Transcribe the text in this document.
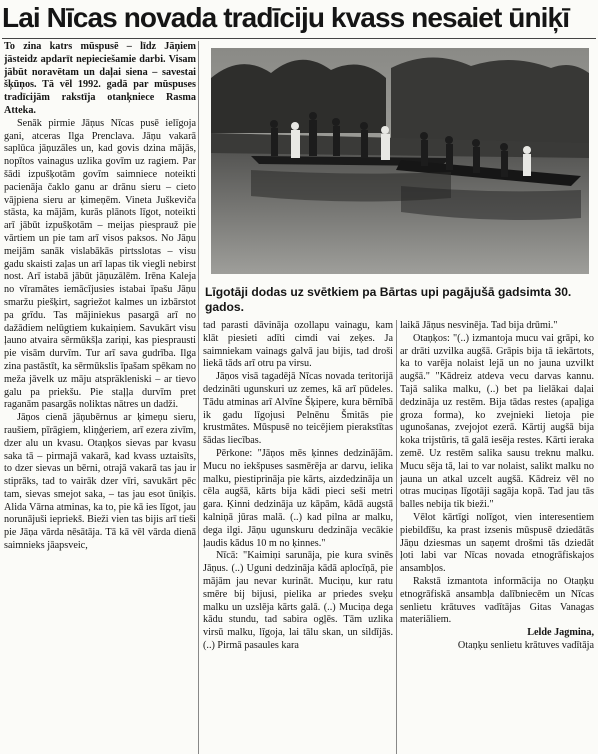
Lai Nīcas novada tradīciju kvass nesaiet ūniķī

To zina katrs mūspusē – līdz Jāņiem jāsteidz apdarīt nepieciešamie darbi. Visam jābūt noravētam un daļai siena – savestai šķūņos. Tā vēl 1992. gadā par mūspuses tradīcijām rakstīja otanķniece Rasma Atteka.

Senāk pirmie Jāņus Nīcas pusē ielīgoja gani, atceras Ilga Prenclava. Jāņu vakarā saplūca jāņuzāles un, kad govis dzina mājās, nopītos vainagus uzlika govīm uz ragiem. Par šādi izpušķotām govīm saimniece noteikti pacienāja čaklo ganu ar drānu sieru – cieto vājpiena sieru ar ķimeņēm. Vineta Juškeviča stāsta, ka mājām, kurās plānots līgot, noteikti arī jābūt izpušķotām – meijas piesprauž pie vārtiem un pie tam arī visos paksos. No Jāņu meijām sanāk vislabākās pirtsslotas – visu gadu skaisti zaļas un arī lapas tik viegli nebirst nost. Arī istabā jābūt jāņuzālēm. Irēna Kaleja no vīramātes iemācījusies istabai īpašu Jāņu smaržu piešķirt, sagriežot kalmes un izbārstot pa grīdu. Tas mājiniekus pasargā arī no dažādiem nelūgtiem kukaiņiem. Savukārt visu ļauno atvaira sērmūkšļa zariņi, kas piesprausti pie visām durvīm. Tur arī sava gudrība. Ilga zina pastāstīt, ka sērmūkslis īpašam spēkam no meža jāvelk uz māju atspräkleniski – ar tievo galu pa priekšu. Pie staļļa durvīm pret raganām pasargās noliktas nātres un dadži.

Jāņos cienā jāņubērnus ar ķimeņu sieru, raušiem, pīrāgiem, kliņģeriem, arī ezera zivīm, dzer alu un kvasu. Otaņķos sievas par kvasu saka tā – pirmajā vakarā, kad kvass uztaisīts, to dzer sievas un bērni, otrajā vakarā tas jau ir stiprāks, tad to vairāk dzer vīri, savukārt pēc tam, sievas smejot saka, – tas jau esot ūniķis. Alida Vārna atminas, ka to, pie kā ies līgot, jau norunājuši iepriekš. Bieži vien tas bijis arī tieši pie Jāņa vārda nēsātāja. Tā kā vēl vārda dienā saimnieks jāapsveic,

Līgotāji dodas uz svētkiem pa Bārtas upi pagājušā gadsimta 30. gados.

tad parasti dāvināja ozollapu vainagu, kam klāt piesieti adīti cimdi vai zeķes. Ja saimniekam vainags galvā jau bijis, tad droši liekā tāds arī otru pa virsu.

Jāņos visā tagadējā Nīcas novada teritorijā dedzināti ugunskuri uz zemes, kā arī pūdeles. Tādu atminas arī Alvīne Šķipere, kura bērnībā ik gadu līgojusi Pelnēnu Šmitās pie krustmātes. Mūspusē no teicējiem pierakstītas šādas liecības.

Pērkone: "Jāņos mēs ķinnes dedzinājām. Mucu no iekšpuses sasmērēja ar darvu, ielika malku, piestiprināja pie kārts, aizdedzināja un cēla augšā, kārts bija kādi pieci seši metri gara. Ķinni dedzināja uz kāpām, kādā augstā kalniņā jūras malā. (..) kad pilna ar malku, dega ilgi. Jāņu ugunskuru dedzināja vecākie ļaudis kādus 10 m no ķinnes."

Nīcā: "Kaimiņi sarunāja, pie kura svinēs Jāņus. (..) Uguni dedzināja kādā aplocīņā, pie mājām jau nevar kurināt. Muciņu, kur ratu smēre bij bijusi, pielika ar priedes sveķu malku un uzslēja kārts galā. (..) Muciņa dega kādu stundu, tad sabira ogļēs. Tām uzlika virsū malku, līgoja, lai tālu skan, un sildījās. (..) Pirmā pasaules kara

laikā Jāņus nesvinēja. Tad bija drūmi."

Otaņķos: "(..) izmantoja mucu vai grāpi, ko ar drāti uzvilka augšā. Grāpis bija tā iekārtots, ka to varēja nolaist lejā un no jauna uzvilkt augšā." "Kādreiz atdeva vecu darvas kannu. Tajā salika malku, (..) bet pa lielākai daļai dedzināja uz restēm. Bija tādas restes (apaļiga groza forma), ko zvejnieki lietoja pie ugunošanas, zvejojot ezerā. Kārtij augšā bija koka trijstūris, tā galā iesēja restes. Kārti ieraka zemē. Uz restēm salika sausu treknu malku. Mucu sēja tā, lai to var nolaist, salikt malku no jauna un atkal uzcelt augšā. Kādreiz vēl no otras muciņas līgotāji sagāja kopā. Tad jau tās balles nebija tik bieži."

Vēlot kārtīgi nolīgot, vien interesentiem piebildīšu, ka prast izsenis mūspusē dziedātās Jāņu dziesmas un saņemt drošmi tās dziedāt ļoti labi var Nīcas novada etnogrāfiskajos ansambļos.

Rakstā izmantota informācija no Otaņķu etnogrāfiskā ansambļa dalībniecēm un Nīcas senlietu krātuves vadītājas Gitas Vanagas materiāliem.

Lelde Jagmina,

Otaņķu senlietu krātuves vadītāja
